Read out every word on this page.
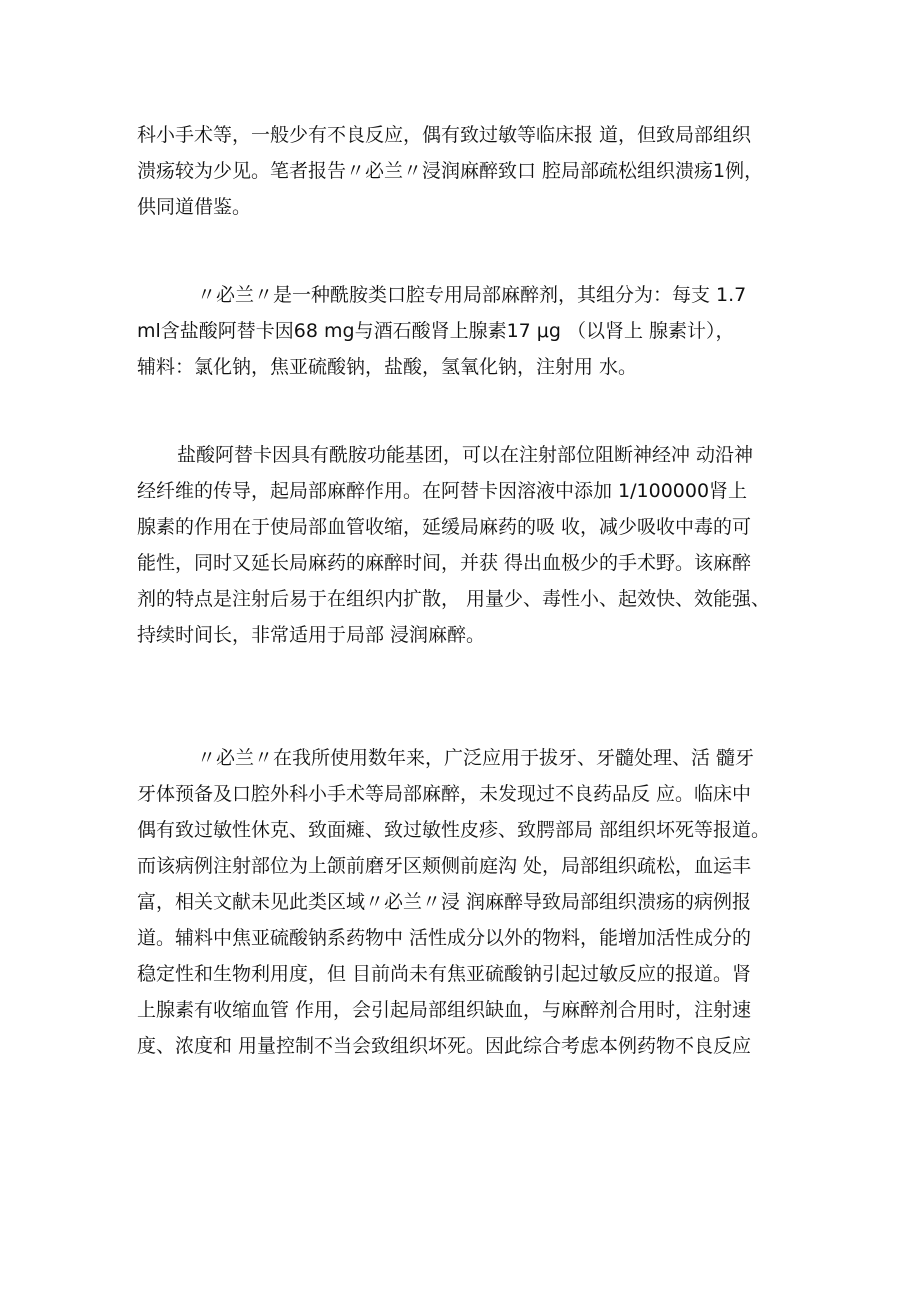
科小手术等，一般少有不良反应，偶有致过敏等临床报 道，但致局部组织
溃疡较为少见。笔者报告〃必兰〃浸润麻醉致口 腔局部疏松组织溃疡1例，
供同道借鉴。

〃必兰〃是一种酰胺类口腔专用局部麻醉剂，其组分为：每支 1.7
ml含盐酸阿替卡因68 mg与酒石酸肾上腺素17 μg （以肾上 腺素计），
辅料：氯化钠，焦亚硫酸钠，盐酸，氢氧化钠，注射用 水。

盐酸阿替卡因具有酰胺功能基团，可以在注射部位阻断神经冲 动沿神
经纤维的传导，起局部麻醉作用。在阿替卡因溶液中添加 1/100000肾上
腺素的作用在于使局部血管收缩，延缓局麻药的吸 收，减少吸收中毒的可
能性，同时又延长局麻药的麻醉时间，并获 得出血极少的手术野。该麻醉
剂的特点是注射后易于在组织内扩散， 用量少、毒性小、起效快、效能强、
持续时间长，非常适用于局部 浸润麻醉。

〃必兰〃在我所使用数年来，广泛应用于拔牙、牙髓处理、活 髓牙
牙体预备及口腔外科小手术等局部麻醉，未发现过不良药品反 应。临床中
偶有致过敏性休克、致面瘫、致过敏性皮疹、致腭部局 部组织坏死等报道。
而该病例注射部位为上颌前磨牙区颊侧前庭沟 处，局部组织疏松，血运丰
富，相关文献未见此类区域〃必兰〃浸 润麻醉导致局部组织溃疡的病例报
道。辅料中焦亚硫酸钠系药物中 活性成分以外的物料，能增加活性成分的
稳定性和生物利用度，但 目前尚未有焦亚硫酸钠引起过敏反应的报道。肾
上腺素有收缩血管 作用，会引起局部组织缺血，与麻醉剂合用时，注射速
度、浓度和 用量控制不当会致组织坏死。因此综合考虑本例药物不良反应
